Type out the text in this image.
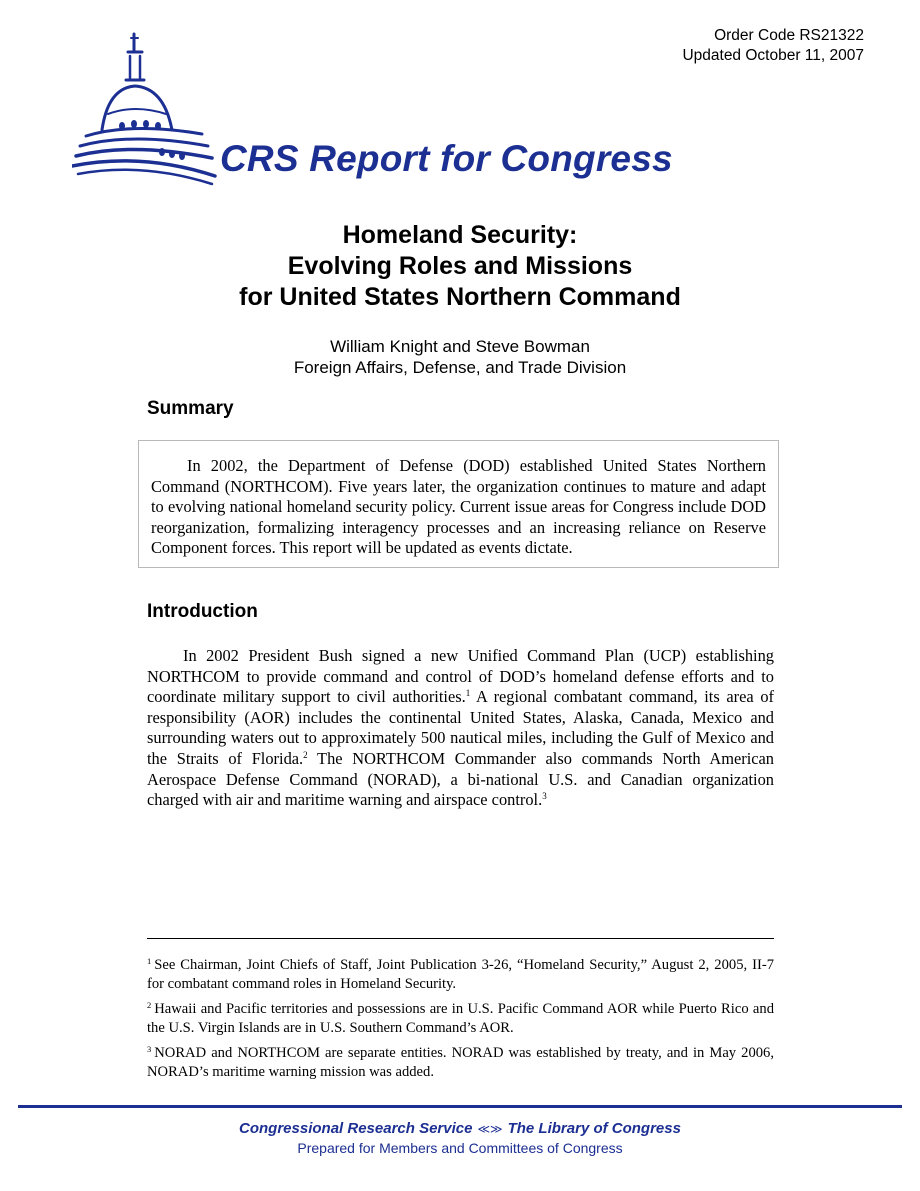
Order Code RS21322
Updated October 11, 2007
CRS Report for Congress
Homeland Security:
Evolving Roles and Missions
for United States Northern Command
William Knight and Steve Bowman
Foreign Affairs, Defense, and Trade Division
Summary

In 2002, the Department of Defense (DOD) established United States Northern Command (NORTHCOM). Five years later, the organization continues to mature and adapt to evolving national homeland security policy. Current issue areas for Congress include DOD reorganization, formalizing interagency processes and an increasing reliance on Reserve Component forces. This report will be updated as events dictate.

Introduction

In 2002 President Bush signed a new Unified Command Plan (UCP) establishing NORTHCOM to provide command and control of DOD’s homeland defense efforts and to coordinate military support to civil authorities.$^1$ A regional combatant command, its area of responsibility (AOR) includes the continental United States, Alaska, Canada, Mexico and surrounding waters out to approximately 500 nautical miles, including the Gulf of Mexico and the Straits of Florida.$^2$ The NORTHCOM Commander also commands North American Aerospace Defense Command (NORAD), a bi-national U.S. and Canadian organization charged with air and maritime warning and airspace control.$^3$

$^1$ See Chairman, Joint Chiefs of Staff, Joint Publication 3-26, “Homeland Security,” August 2, 2005, II-7 for combatant command roles in Homeland Security.

$^2$ Hawaii and Pacific territories and possessions are in U.S. Pacific Command AOR while Puerto Rico and the U.S. Virgin Islands are in U.S. Southern Command’s AOR.

$^3$ NORAD and NORTHCOM are separate entities. NORAD was established by treaty, and in May 2006, NORAD’s maritime warning mission was added.

Congressional Research Service ≪≫ The Library of Congress
Prepared for Members and Committees of Congress
